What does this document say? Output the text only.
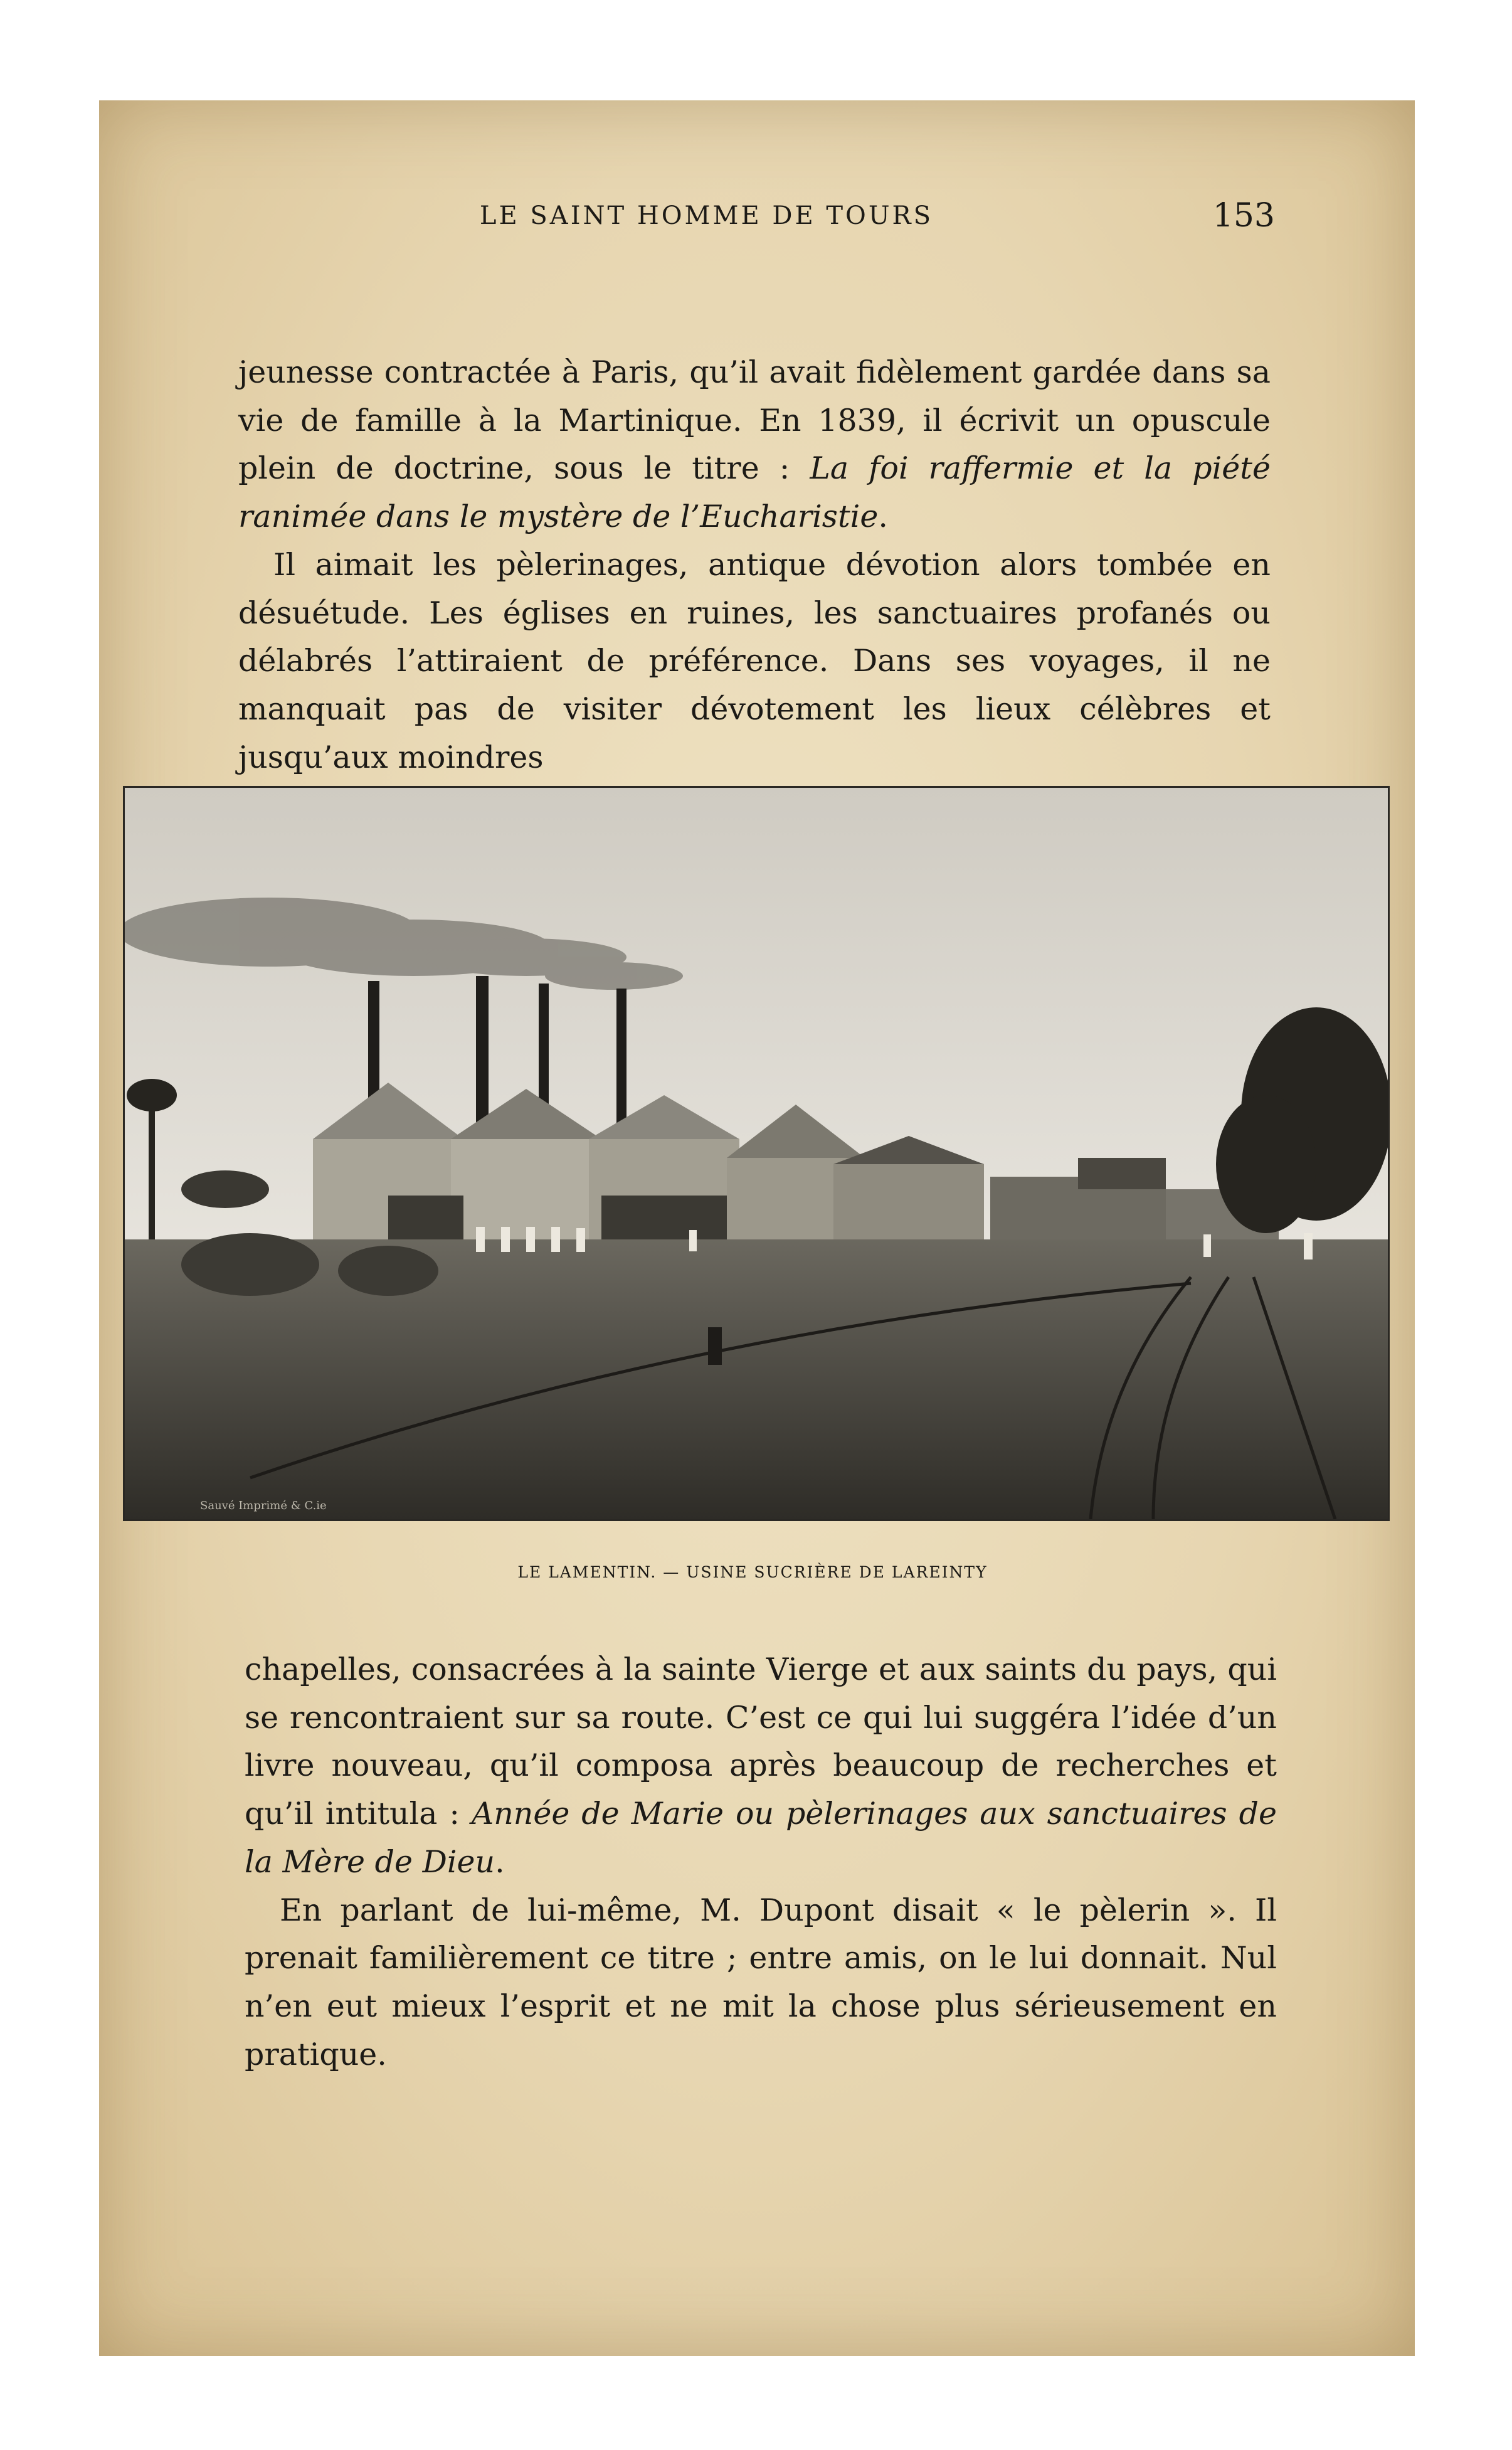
LE SAINT HOMME DE TOURS	153

jeunesse contractée à Paris, qu’il avait fidèlement gardée dans sa vie de famille à la Martinique. En 1839, il écrivit un opuscule plein de doctrine, sous le titre : La foi raffermie et la piété ranimée dans le mystère de l’Eucharistie.

Il aimait les pèlerinages, antique dévotion alors tombée en désuétude. Les églises en ruines, les sanctuaires profanés ou délabrés l’attiraient de préférence. Dans ses voyages, il ne manquait pas de visiter dévotement les lieux célèbres et jusqu’aux moindres

Sauvé Imprimé & C.ie
LE LAMENTIN. — USINE SUCRIÈRE DE LAREINTY

chapelles, consacrées à la sainte Vierge et aux saints du pays, qui se rencontraient sur sa route. C’est ce qui lui suggéra l’idée d’un livre nouveau, qu’il composa après beaucoup de recherches et qu’il intitula : Année de Marie ou pèlerinages aux sanctuaires de la Mère de Dieu.

En parlant de lui-même, M. Dupont disait « le pèlerin ». Il prenait familièrement ce titre ; entre amis, on le lui donnait. Nul n’en eut mieux l’esprit et ne mit la chose plus sérieusement en pratique.
